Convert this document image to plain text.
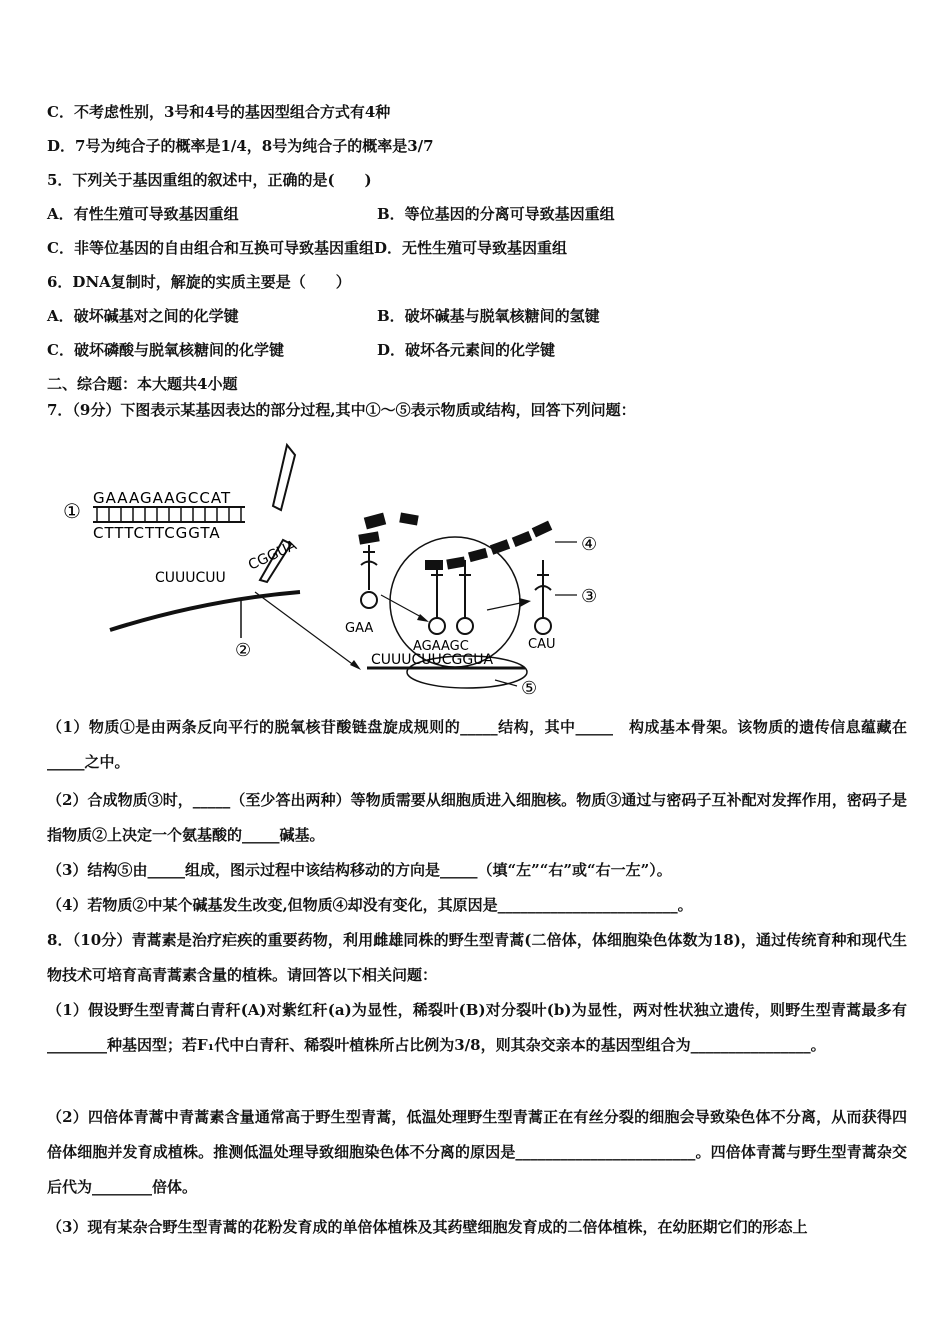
C．不考虑性别，3号和4号的基因型组合方式有4种
D．7号为纯合子的概率是1/4，8号为纯合子的概率是3/7
5．下列关于基因重组的叙述中，正确的是(　　)
A．有性生殖可导致基因重组	B．等位基因的分离可导致基因重组
C．非等位基因的自由组合和互换可导致基因重组D．无性生殖可导致基因重组
6．DNA复制时，解旋的实质主要是（　　）
A．破坏碱基对之间的化学键	B．破坏碱基与脱氧核糖间的氢键
C．破坏磷酸与脱氧核糖间的化学键	D．破坏各元素间的化学键
二、综合题：本大题共4小题
7．（9分）下图表示某基因表达的部分过程,其中①～⑤表示物质或结构，回答下列问题：
①
GAAAGAAGCCAT
CTTTCTTCGGTA
CUUUCUU
CGGUA
②
⑤
CUUUCUUCGGUA
GAA
AGAAGC	CAU
③
④
（1）物质①是由两条反向平行的脱氧核苷酸链盘旋成规则的_____结构，其中_____　构成基本骨架。该物质的遗传信息蕴藏在_____之中。
（2）合成物质③时，_____（至少答出两种）等物质需要从细胞质进入细胞核。物质③通过与密码子互补配对发挥作用，密码子是指物质②上决定一个氨基酸的_____碱基。
（3）结构⑤由_____组成，图示过程中该结构移动的方向是_____（填“左”“右”或“右一左”）。
（4）若物质②中某个碱基发生改变,但物质④却没有变化，其原因是________________________。
8．（10分）青蒿素是治疗疟疾的重要药物，利用雌雄同株的野生型青蒿(二倍体，体细胞染色体数为18)，通过传统育种和现代生物技术可培育高青蒿素含量的植株。请回答以下相关问题：
（1）假设野生型青蒿白青秆(A)对紫红秆(a)为显性，稀裂叶(B)对分裂叶(b)为显性，两对性状独立遗传，则野生型青蒿最多有________种基因型；若F₁代中白青秆、稀裂叶植株所占比例为3/8，则其杂交亲本的基因型组合为________________。
（2）四倍体青蒿中青蒿素含量通常高于野生型青蒿，低温处理野生型青蒿正在有丝分裂的细胞会导致染色体不分离，从而获得四倍体细胞并发育成植株。推测低温处理导致细胞染色体不分离的原因是________________________。四倍体青蒿与野生型青蒿杂交后代为________倍体。
（3）现有某杂合野生型青蒿的花粉发育成的单倍体植株及其药壁细胞发育成的二倍体植株，在幼胚期它们的形态上
